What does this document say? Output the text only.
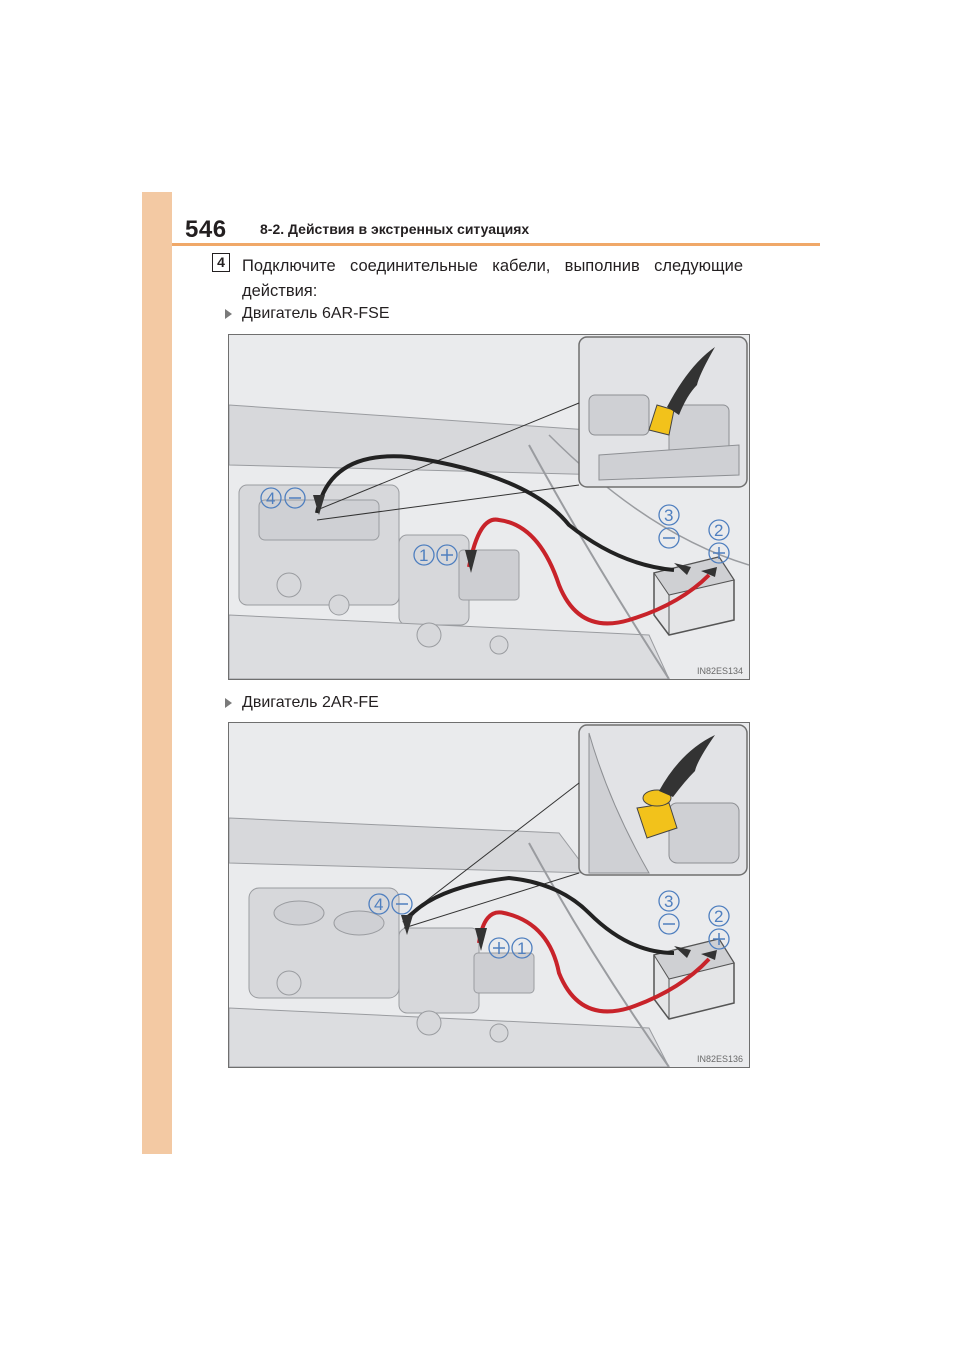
546 8-2. Действия в экстренных ситуациях
4	Подключите соединительные кабели, выполнив следующие действия:
Двигатель 6AR-FSE
4
1
3
2
IN82ES134
Двигатель 2AR-FE
4
1
3
2
IN82ES136
